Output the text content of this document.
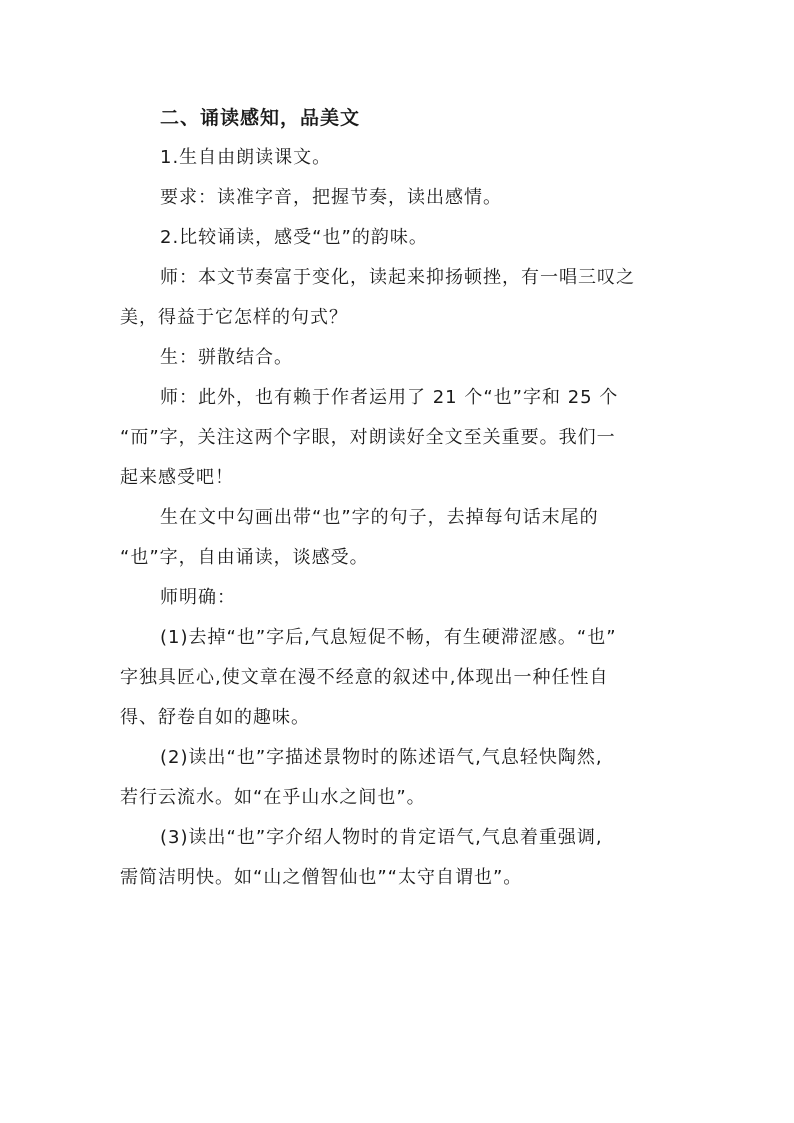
二、诵读感知，品美文

1.生自由朗读课文。

要求：读准字音，把握节奏，读出感情。

2.比较诵读，感受“也”的韵味。

师：本文节奏富于变化，读起来抑扬顿挫，有一唱三叹之
美，得益于它怎样的句式？

生：骈散结合。

师：此外，也有赖于作者运用了 21 个“也”字和 25 个
“而”字，关注这两个字眼，对朗读好全文至关重要。我们一
起来感受吧！

生在文中勾画出带“也”字的句子，去掉每句话末尾的
“也”字，自由诵读，谈感受。

师明确：

(1)去掉“也”字后,气息短促不畅，有生硬滞涩感。“也”
字独具匠心,使文章在漫不经意的叙述中,体现出一种任性自
得、舒卷自如的趣味。

(2)读出“也”字描述景物时的陈述语气,气息轻快陶然,
若行云流水。如“在乎山水之间也”。

(3)读出“也”字介绍人物时的肯定语气,气息着重强调,
需简洁明快。如“山之僧智仙也”“太守自谓也”。
